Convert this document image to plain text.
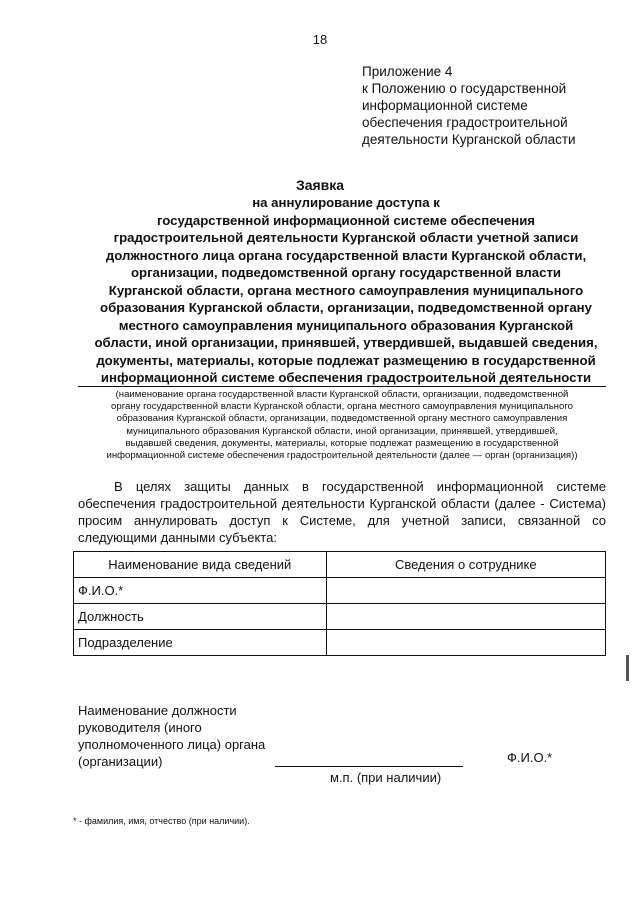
18
Приложение 4
к Положению о государственной
информационной системе
обеспечения градостроительной
деятельности Курганской области
Заявка
на аннулирование доступа к
государственной информационной системе обеспечения
градостроительной деятельности Курганской области учетной записи
должностного лица органа государственной власти Курганской области,
организации, подведомственной органу государственной власти
Курганской области, органа местного самоуправления муниципального
образования Курганской области, организации, подведомственной органу
местного самоуправления муниципального образования Курганской
области, иной организации, принявшей, утвердившей, выдавшей сведения,
документы, материалы, которые подлежат размещению в государственной
информационной системе обеспечения градостроительной деятельности
(наименование органа государственной власти Курганской области, организации, подведомственной
органу государственной власти Курганской области, органа местного самоуправления муниципального
образования Курганской области, организации, подведомственной органу местного самоуправления
муниципального образования Курганской области, иной организации, принявшей, утвердившей,
выдавшей сведения, документы, материалы, которые подлежат размещению в государственной
информационной системе обеспечения градостроительной деятельности (далее — орган (организация))
В целях защиты данных в государственной информационной системе обеспечения градостроительной деятельности Курганской области (далее - Система) просим аннулировать доступ к Системе, для учетной записи, связанной со следующими данными субъекта:
Наименование вида сведений	Сведения о сотруднике
Ф.И.О.*	
Должность	
Подразделение	
Наименование должности
руководителя (иного
уполномоченного лица) органа
(организации)	Ф.И.О.*
м.п. (при наличии)
* - фамилия, имя, отчество (при наличии).
